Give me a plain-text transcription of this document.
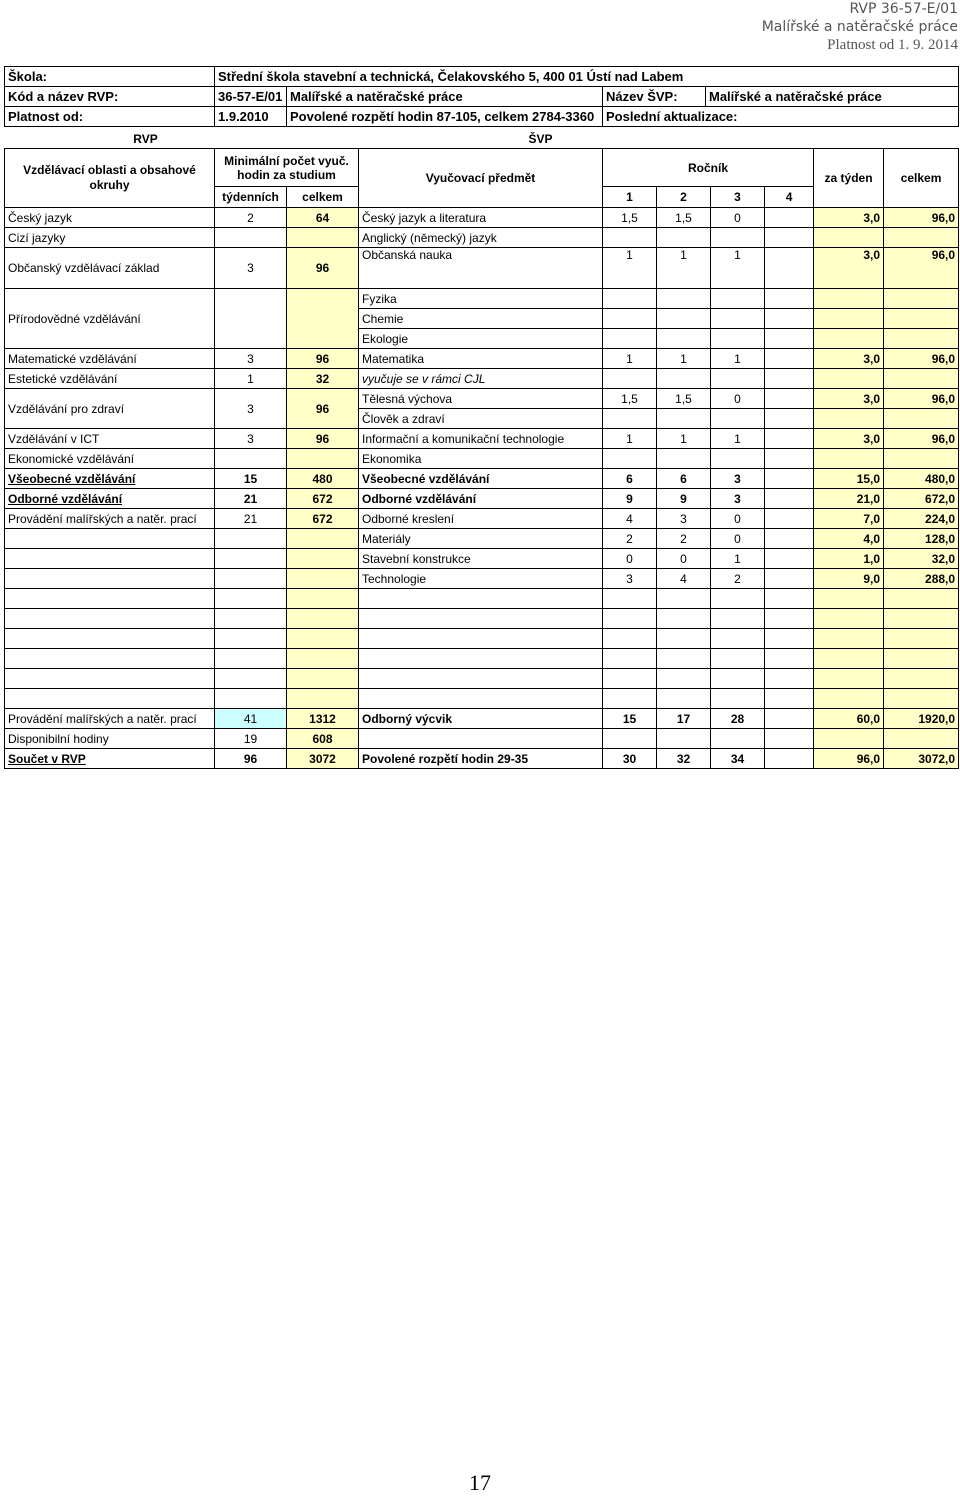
RVP 36-57-E/01
Malířské a natěračské práce
Platnost od 1. 9. 2014
Škola:	Střední škola stavební a technická, Čelakovského 5, 400 01 Ústí nad Labem			
Kód a název RVP:	36-57-E/01	Malířské a natěračské práce	Název ŠVP:	Malířské a natěračské práce
Platnost od:	1.9.2010	Povolené rozpětí hodin 87-105, celkem 2784-3360	Poslední aktualizace:	
RVP			ŠVP						
Vzdělávací oblasti a obsahové okruhy	Minimální počet vyuč. hodin za studium		Vyučovací předmět	Ročník				za týden	celkem
	týdenních	celkem		1	2	3	4		
Český jazyk	2	64	Český jazyk a literatura	1,5	1,5	0		3,0	96,0
Cizí jazyky			Anglický (německý) jazyk						
Občanský vzdělávací základ	3	96	Občanská nauka	1	1	1		3,0	96,0
Přírodovědné vzdělávání			Fyzika						
			Chemie						
			Ekologie						
Matematické vzdělávání	3	96	Matematika	1	1	1		3,0	96,0
Estetické vzdělávání	1	32	vyučuje se v rámci CJL						
Vzdělávání pro zdraví	3	96	Tělesná výchova	1,5	1,5	0		3,0	96,0
			Člověk a zdraví						
Vzdělávání v ICT	3	96	Informační a komunikační technologie	1	1	1		3,0	96,0
Ekonomické vzdělávání			Ekonomika						
Všeobecné vzdělávání	15	480	Všeobecné vzdělávání	6	6	3		15,0	480,0
Odborné vzdělávání	21	672	Odborné vzdělávání	9	9	3		21,0	672,0
Provádění malířských a natěr. prací	21	672	Odborné kreslení	4	3	0		7,0	224,0
			Materiály	2	2	0		4,0	128,0
			Stavební konstrukce	0	0	1		1,0	32,0
			Technologie	3	4	2		9,0	288,0

Provádění malířských a natěr. prací	41	1312	Odborný výcvik	15	17	28		60,0	1920,0
Disponibilní hodiny	19	608							
Součet v RVP	96	3072	Povolené rozpětí hodin 29-35	30	32	34		96,0	3072,0
17
